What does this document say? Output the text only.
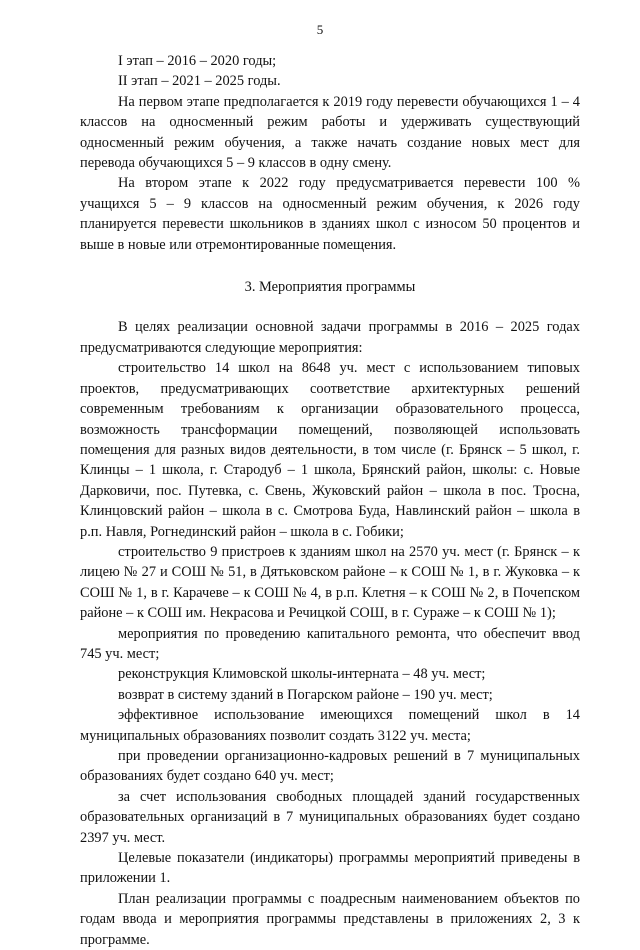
5

I этап – 2016 – 2020 годы;

II этап – 2021 – 2025 годы.

На первом этапе предполагается к 2019 году перевести обучающихся 1 – 4 классов на односменный режим работы и удерживать существующий односменный режим обучения, а также начать создание новых мест для перевода обучающихся 5 – 9 классов в одну смену.

На втором этапе к 2022 году предусматривается перевести 100 % учащихся 5 – 9 классов на односменный режим обучения, к 2026 году планируется перевести школьников в зданиях школ с износом 50 процентов и выше в новые или отремонтированные помещения.

3. Мероприятия программы

В целях реализации основной задачи программы в 2016 – 2025 годах предусматриваются следующие мероприятия:

строительство 14 школ на 8648 уч. мест с использованием типовых проектов, предусматривающих соответствие архитектурных решений современным требованиям к организации образовательного процесса, возможность трансформации помещений, позволяющей использовать помещения для разных видов деятельности, в том числе (г. Брянск – 5 школ, г. Клинцы – 1 школа, г. Стародуб – 1 школа, Брянский район, школы: с. Новые Дарковичи, пос. Путевка, с. Свень, Жуковский район – школа в пос. Тросна, Клинцовский район – школа в с. Смотрова Буда, Навлинский район – школа в р.п. Навля, Рогнединский район – школа в с. Гобики;

строительство 9 пристроев к зданиям школ на 2570 уч. мест (г. Брянск – к лицею № 27 и СОШ № 51, в Дятьковском районе – к СОШ № 1, в г. Жуковка – к СОШ № 1, в г. Карачеве – к СОШ № 4, в р.п. Клетня – к СОШ № 2, в Почепском районе – к СОШ им. Некрасова и Речицкой СОШ, в г. Сураже – к СОШ № 1);

мероприятия по проведению капитального ремонта, что обеспечит ввод 745 уч. мест;

реконструкция Климовской школы-интерната – 48 уч. мест;

возврат в систему зданий в Погарском районе – 190 уч. мест;

эффективное использование имеющихся помещений школ в 14 муниципальных образованиях позволит создать 3122 уч. места;

при проведении организационно-кадровых решений в 7 муниципальных образованиях будет создано 640 уч. мест;

за счет использования свободных площадей зданий государственных образовательных организаций в 7 муниципальных образованиях будет создано 2397 уч. мест.

Целевые показатели (индикаторы) программы мероприятий приведены в приложении 1.

План реализации программы с поадресным наименованием объектов по годам ввода и мероприятия программы представлены в приложениях 2, 3 к программе.
